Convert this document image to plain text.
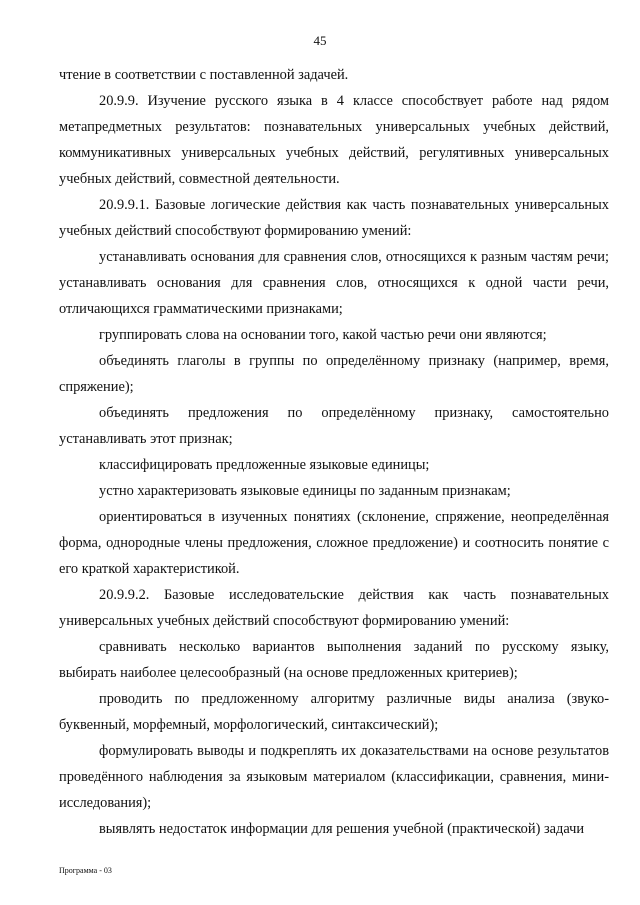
45

чтение в соответствии с поставленной задачей.

20.9.9. Изучение русского языка в 4 классе способствует работе над рядом метапредметных результатов: познавательных универсальных учебных действий, коммуникативных универсальных учебных действий, регулятивных универсальных учебных действий, совместной деятельности.

20.9.9.1. Базовые логические действия как часть познавательных универсальных учебных действий способствуют формированию умений:

устанавливать основания для сравнения слов, относящихся к разным частям речи; устанавливать основания для сравнения слов, относящихся к одной части речи, отличающихся грамматическими признаками;

группировать слова на основании того, какой частью речи они являются;

объединять глаголы в группы по определённому признаку (например, время, спряжение);

объединять предложения по определённому признаку, самостоятельно устанавливать этот признак;

классифицировать предложенные языковые единицы;

устно характеризовать языковые единицы по заданным признакам;

ориентироваться в изученных понятиях (склонение, спряжение, неопределённая форма, однородные члены предложения, сложное предложение) и соотносить понятие с его краткой характеристикой.

20.9.9.2. Базовые исследовательские действия как часть познавательных универсальных учебных действий способствуют формированию умений:

сравнивать несколько вариантов выполнения заданий по русскому языку, выбирать наиболее целесообразный (на основе предложенных критериев);

проводить по предложенному алгоритму различные виды анализа (звуко-буквенный, морфемный, морфологический, синтаксический);

формулировать выводы и подкреплять их доказательствами на основе результатов проведённого наблюдения за языковым материалом (классификации, сравнения, мини-исследования);

выявлять недостаток информации для решения учебной (практической) задачи

Программа - 03
